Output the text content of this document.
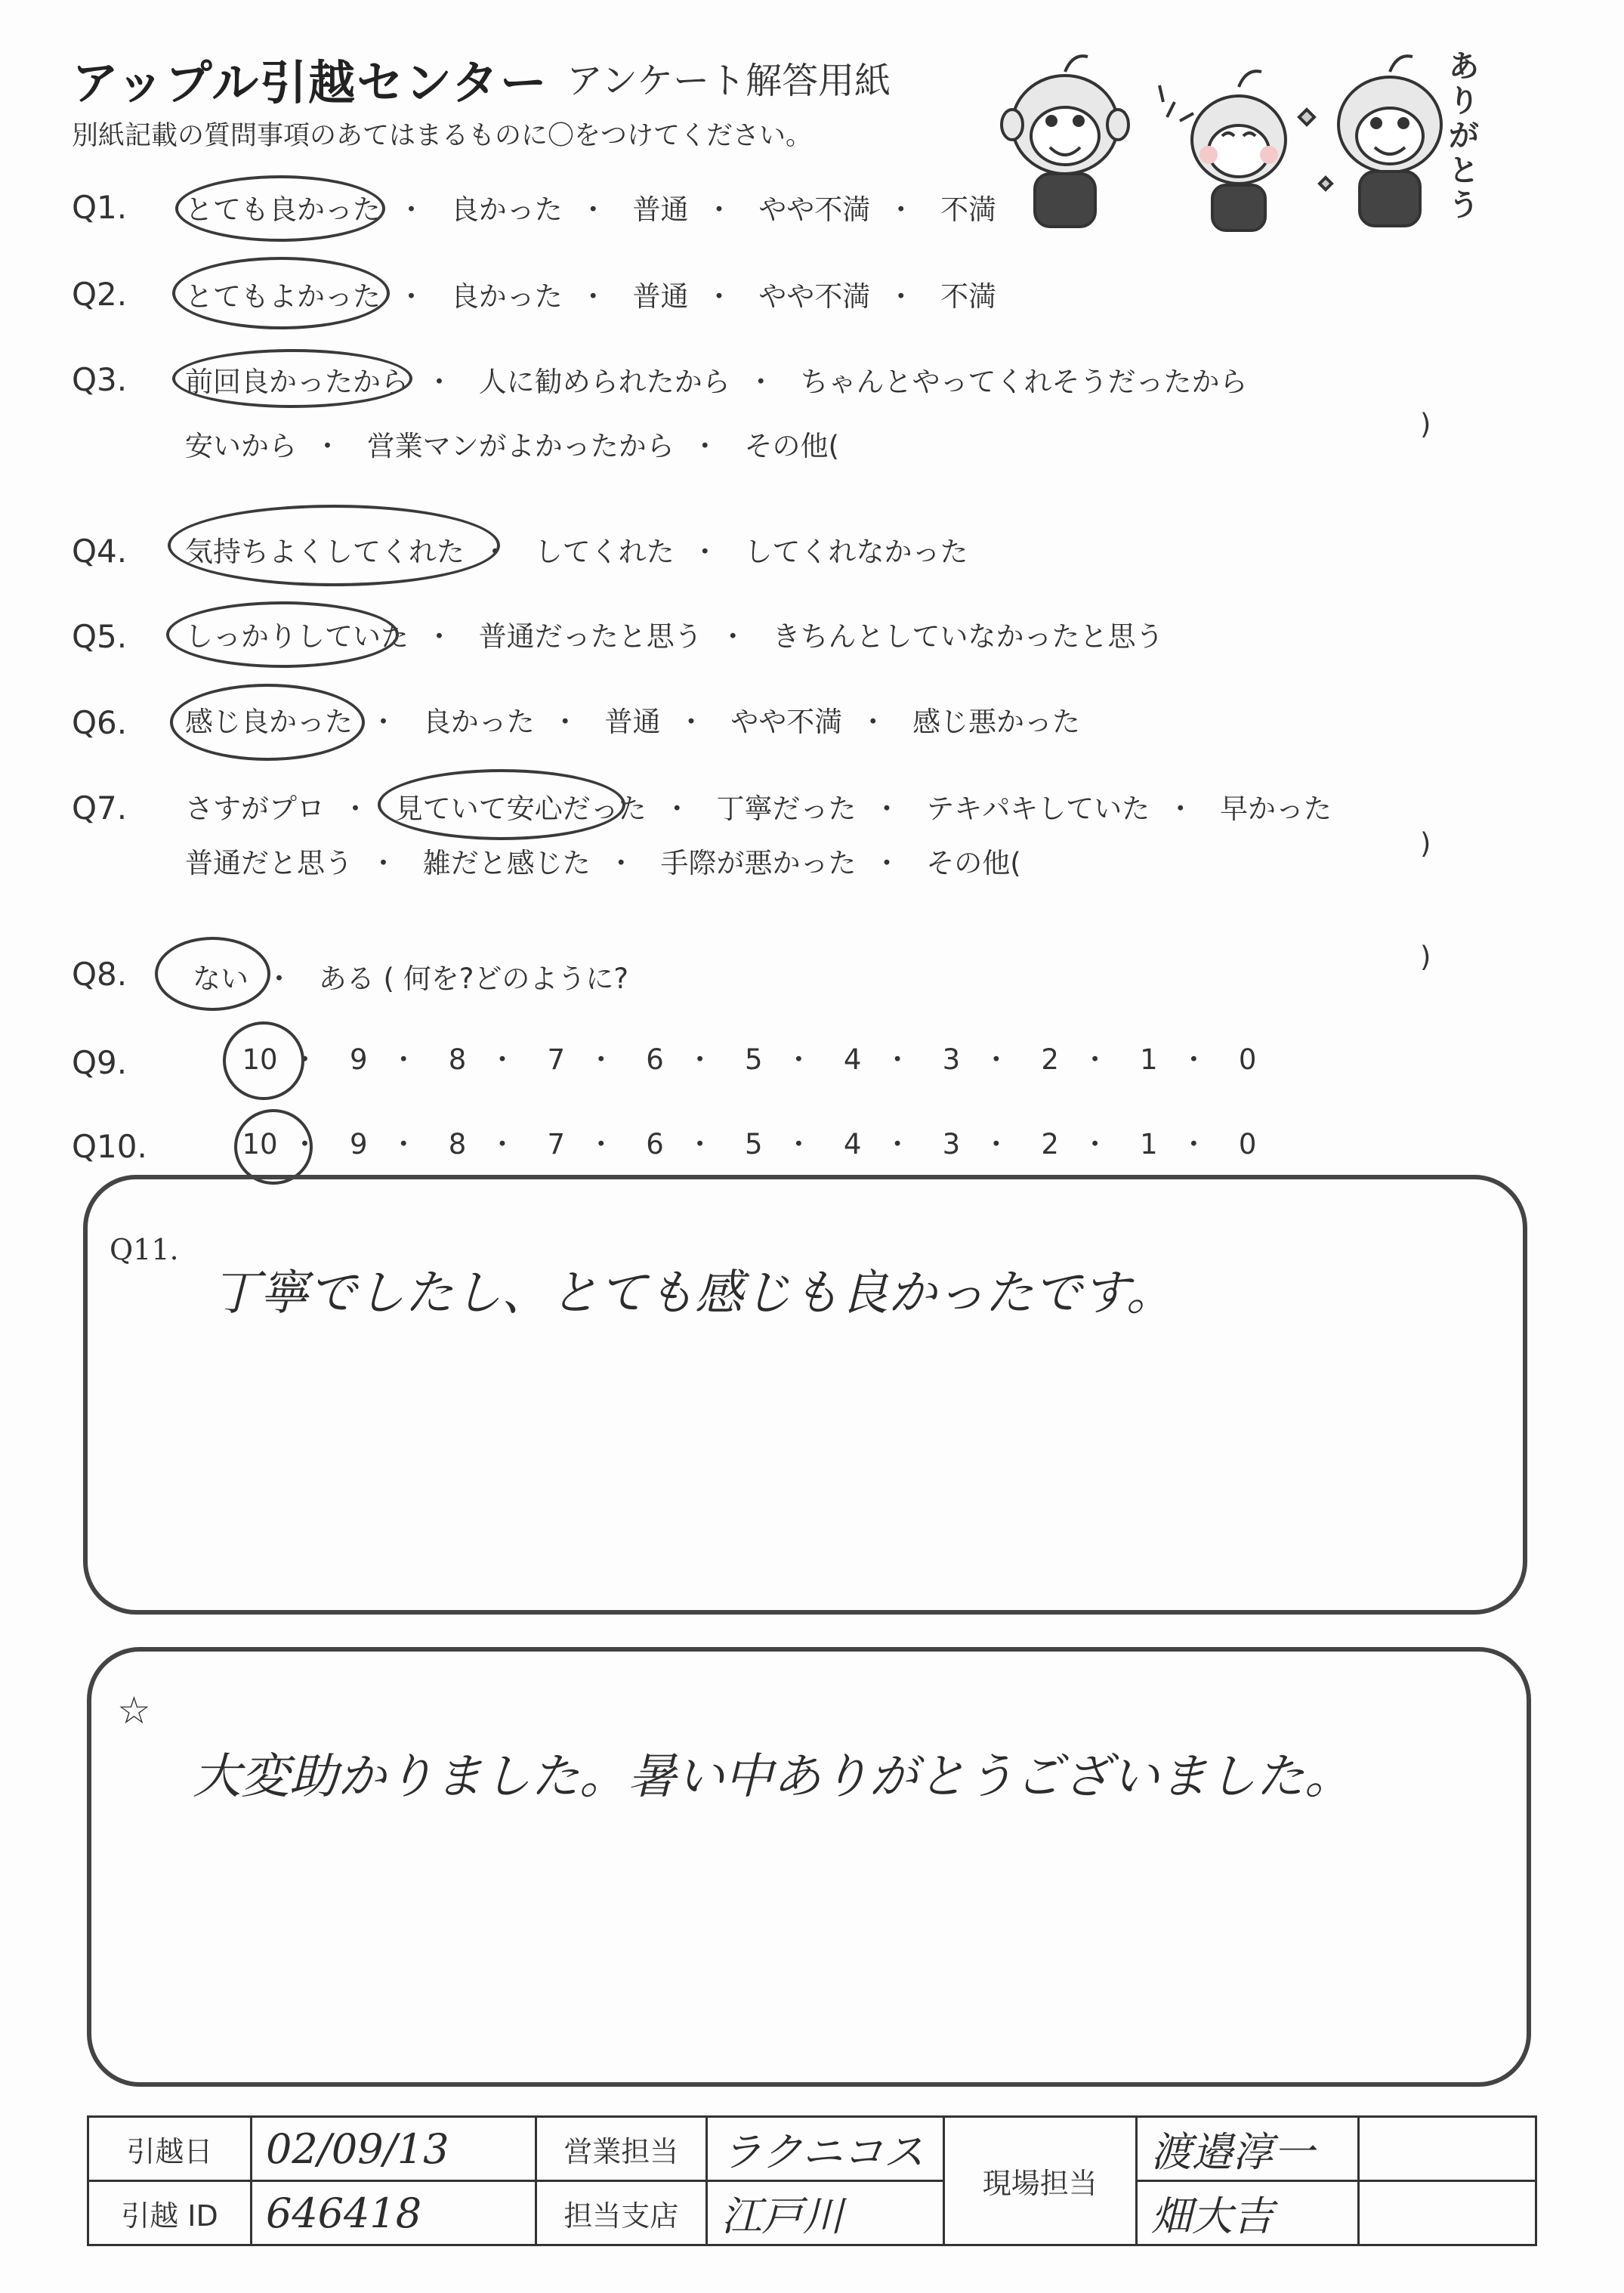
アップル引越センター アンケート解答用紙
別紙記載の質問事項のあてはまるものに〇をつけてください。
ありがとう
Q1. とても良かった ・ 良かった ・ 普通 ・ やや不満 ・ 不満
Q2. とてもよかった ・ 良かった ・ 普通 ・ やや不満 ・ 不満
Q3. 前回良かったから ・ 人に勧められたから ・ ちゃんとやってくれそうだったから
安いから ・ 営業マンがよかったから ・ その他(
)
Q4. 気持ちよくしてくれた ・ してくれた ・ してくれなかった
Q5. しっかりしていた ・ 普通だったと思う ・ きちんとしていなかったと思う
Q6. 感じ良かった ・ 良かった ・ 普通 ・ やや不満 ・ 感じ悪かった
Q7. さすがプロ ・ 見ていて安心だった ・ 丁寧だった ・ テキパキしていた ・ 早かった
普通だと思う ・ 雑だと感じた ・ 手際が悪かった ・ その他(
)
Q8. ない ・ ある ( 何を?どのように?
)
Q9.	10 ・ 9 ・ 8 ・ 7 ・ 6 ・ 5 ・ 4 ・ 3 ・ 2 ・ 1 ・ 0
Q10.	10 ・ 9 ・ 8 ・ 7 ・ 6 ・ 5 ・ 4 ・ 3 ・ 2 ・ 1 ・ 0
Q11.
丁寧でしたし、とても感じも良かったです。
☆
大変助かりました。暑い中ありがとうございました。
引越日	02/09/13	営業担当	ラクニコス	現場担当	渡邉淳一	
引越 ID	646418	担当支店	江戸川		畑大吉	
